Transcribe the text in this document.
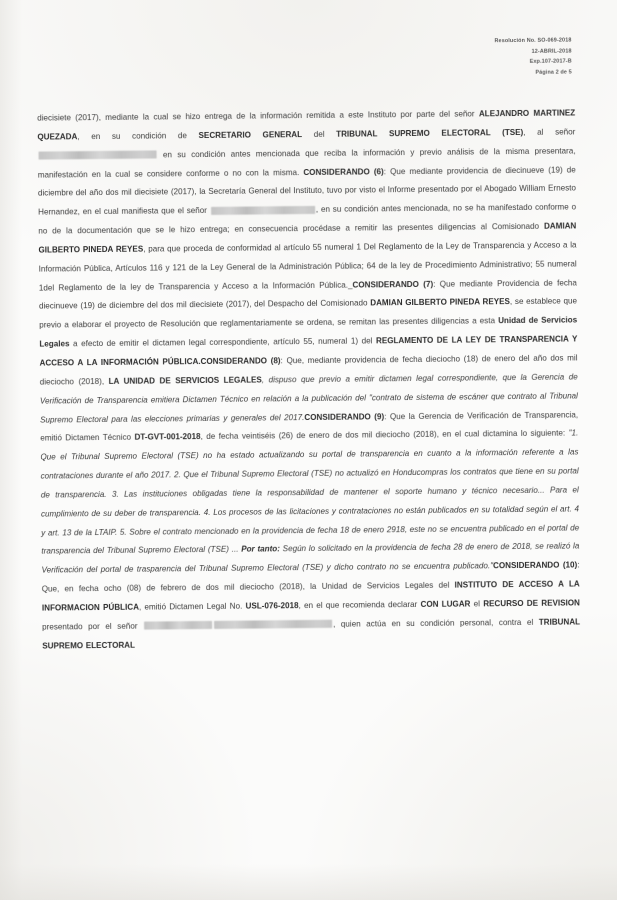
Resolución No. SO-069-2018
12-ABRIL-2018
Exp.107-2017-B
Página 2 de 5

diecisiete (2017), mediante la cual se hizo entrega de la información remitida a este Instituto por parte del señor ALEJANDRO MARTINEZ QUEZADA, en su condición de SECRETARIO GENERAL del TRIBUNAL SUPREMO ELECTORAL (TSE), al señor  en su condición antes mencionada que reciba la información y previo análisis de la misma presentara, manifestación en la cual se considere conforme o no con la misma. CONSIDERANDO (6): Que mediante providencia de diecinueve (19) de diciembre del año dos mil diecisiete (2017), la Secretaría General del Instituto, tuvo por visto el Informe presentado por el Abogado William Ernesto Hernandez, en el cual manifiesta que el señor	, en su condición antes mencionada, no se ha manifestado conforme o no de la documentación que se le hizo entrega; en consecuencia procédase a remitir las presentes diligencias al Comisionado DAMIAN GILBERTO PINEDA REYES, para que proceda de conformidad al artículo 55 numeral 1 Del Reglamento de la Ley de Transparencia y Acceso a la Información Pública, Artículos 116 y 121 de la Ley General de la Administración Pública; 64 de la ley de Procedimiento Administrativo; 55 numeral 1del Reglamento de la ley de Transparencia y Acceso a la Información Pública._CONSIDERANDO (7): Que mediante Providencia de fecha diecinueve (19) de diciembre del dos mil diecisiete (2017), del Despacho del Comisionado DAMIAN GILBERTO PINEDA REYES, se establece que previo a elaborar el proyecto de Resolución que reglamentariamente se ordena, se remitan las presentes diligencias a esta Unidad de Servicios Legales a efecto de emitir el dictamen legal correspondiente, artículo 55, numeral 1) del REGLAMENTO DE LA LEY DE TRANSPARENCIA Y ACCESO A LA INFORMACIÓN PÚBLICA.CONSIDERANDO (8): Que, mediante providencia de fecha dieciocho (18) de enero del año dos mil dieciocho (2018), LA UNIDAD DE SERVICIOS LEGALES, dispuso que previo a emitir dictamen legal correspondiente, que la Gerencia de Verificación de Transparencia emitiera Dictamen Técnico en relación a la publicación del "contrato de sistema de escáner que contrato al Tribunal Supremo Electoral para las elecciones primarias y generales del 2017.CONSIDERANDO (9): Que la Gerencia de Verificación de Transparencia, emitió Dictamen Técnico DT-GVT-001-2018, de fecha veintiséis (26) de enero de dos mil dieciocho (2018), en el cual dictamina lo siguiente: "1. Que el Tribunal Supremo Electoral (TSE) no ha estado actualizando su portal de transparencia en cuanto a la información referente a las contrataciones durante el año 2017. 2. Que el Tribunal Supremo Electoral (TSE) no actualizó en Honducompras los contratos que tiene en su portal de transparencia. 3. Las instituciones obligadas tiene la responsabilidad de mantener el soporte humano y técnico necesario... Para el cumplimiento de su deber de transparencia. 4. Los procesos de las licitaciones y contrataciones no están publicados en su totalidad según el art. 4 y art. 13 de la LTAIP. 5. Sobre el contrato mencionado en la providencia de fecha 18 de enero 2918, este no se encuentra publicado en el portal de transparencia del Tribunal Supremo Electoral (TSE) ... Por tanto: Según lo solicitado en la providencia de fecha 28 de enero de 2018, se realizó la Verificación del portal de trasparencia del Tribunal Supremo Electoral (TSE) y dicho contrato no se encuentra publicado."CONSIDERANDO (10): Que, en fecha ocho (08) de febrero de dos mil dieciocho (2018), la Unidad de Servicios Legales del INSTITUTO DE ACCESO A LA INFORMACION PÚBLICA, emitió Dictamen Legal No. USL-076-2018, en el que recomienda declarar CON LUGAR el RECURSO DE REVISION presentado por el señor	, quien actúa en su condición personal, contra el TRIBUNAL SUPREMO ELECTORAL
